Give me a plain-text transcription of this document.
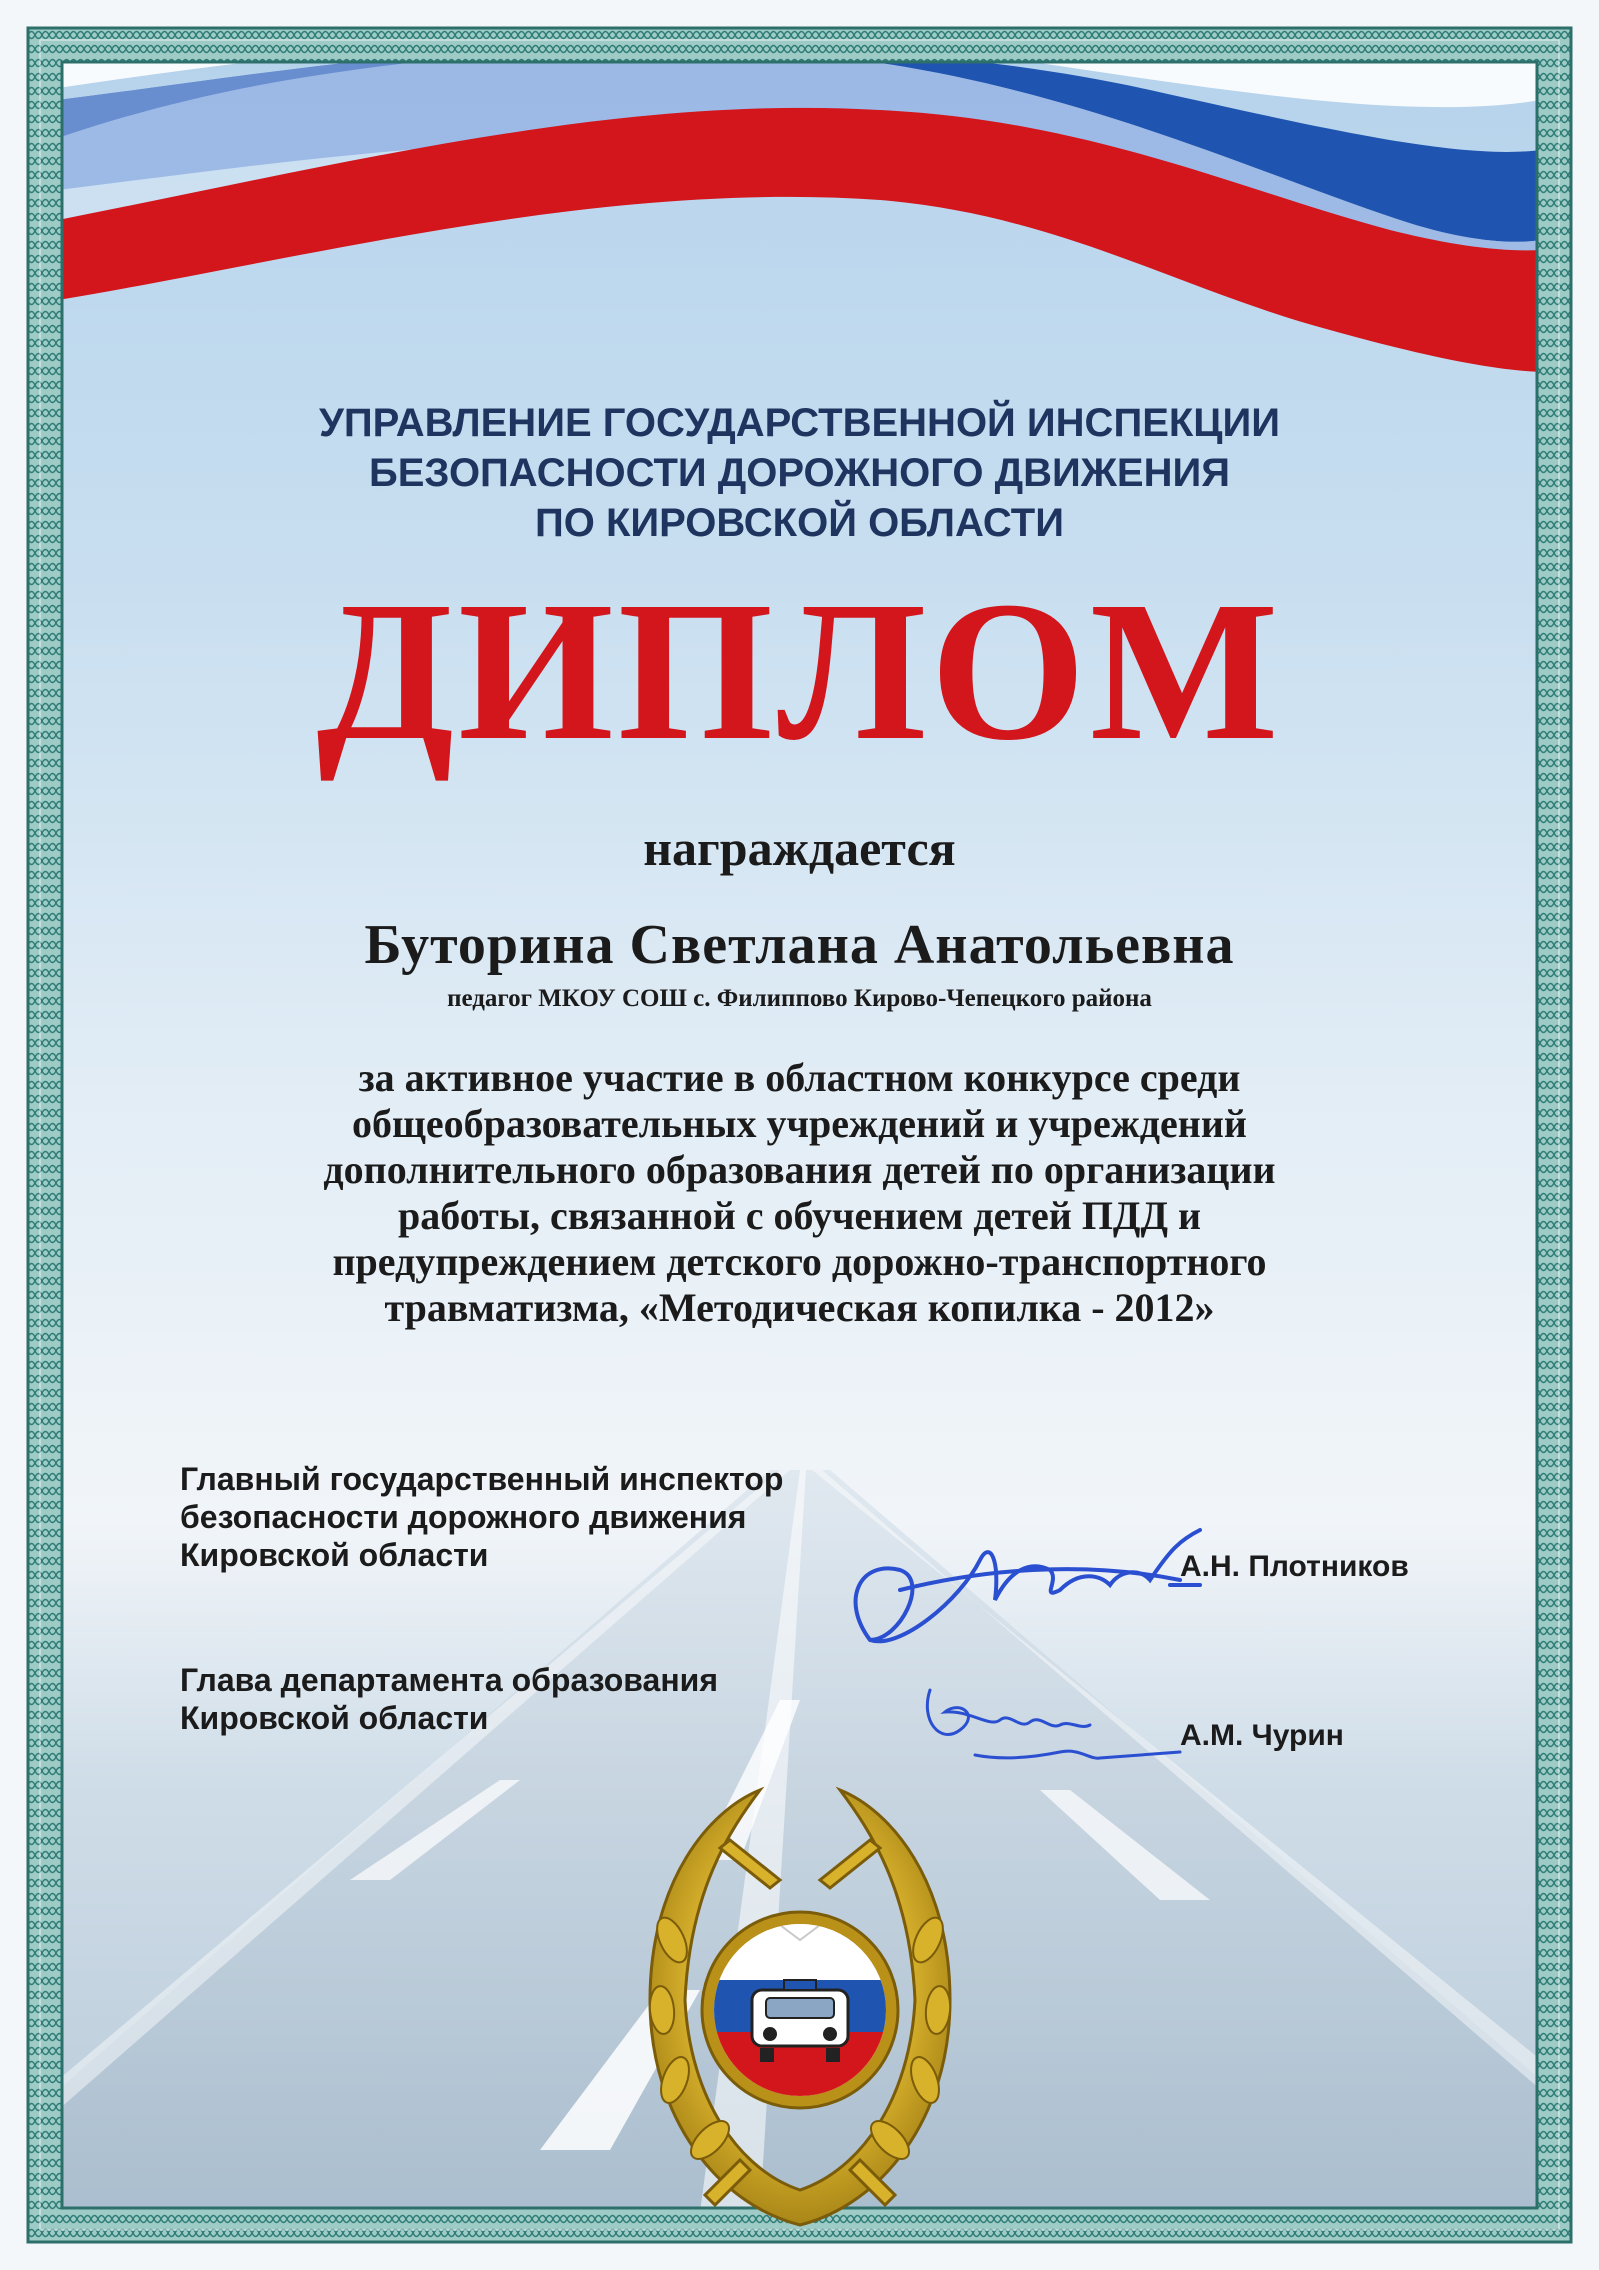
УПРАВЛЕНИЕ ГОСУДАРСТВЕННОЙ ИНСПЕКЦИИ
БЕЗОПАСНОСТИ ДОРОЖНОГО ДВИЖЕНИЯ
ПО КИРОВСКОЙ ОБЛАСТИ
ДИПЛОМ
награждается
Буторина Светлана Анатольевна
педагог МКОУ СОШ с. Филиппово Кирово-Чепецкого района
за активное участие в областном конкурсе среди
общеобразовательных учреждений и учреждений
дополнительного образования детей по организации
работы, связанной с обучением детей ПДД и
предупреждением детского дорожно-транспортного
травматизма, «Методическая копилка - 2012»
Главный государственный инспектор
безопасности дорожного движения
Кировской области	А.Н. Плотников
Глава департамента образования
Кировской области	А.М. Чурин
